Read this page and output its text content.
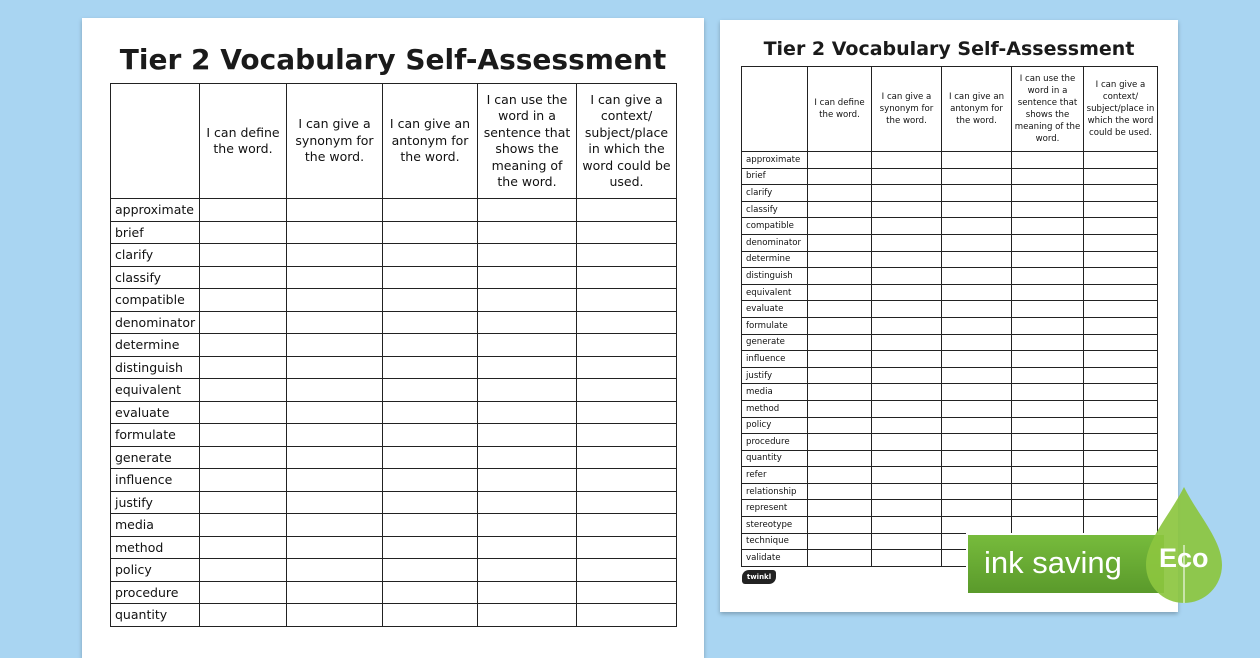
Tier 2 Vocabulary Self-Assessment
	I can define the word.	I can give a synonym for the word.	I can give an antonym for the word.	I can use the word in a sentence that shows the meaning of the word.	I can give a context/ subject/place in which the word could be used.
approximate					
brief					
clarify					
classify					
compatible					
denominator					
determine					
distinguish					
equivalent					
evaluate					
formulate					
generate					
influence					
justify					
media					
method					
policy					
procedure					
quantity					
Tier 2 Vocabulary Self-Assessment
	I can define the word.	I can give a synonym for the word.	I can give an antonym for the word.	I can use the word in a sentence that shows the meaning of the word.	I can give a context/ subject/place in which the word could be used.
approximate					
brief					
clarify					
classify					
compatible					
denominator					
determine					
distinguish					
equivalent					
evaluate					
formulate					
generate					
influence					
justify					
media					
method					
policy					
procedure					
quantity					
refer					
relationship					
represent					
stereotype					
technique					
validate					
twinkl	ink saving Eco
